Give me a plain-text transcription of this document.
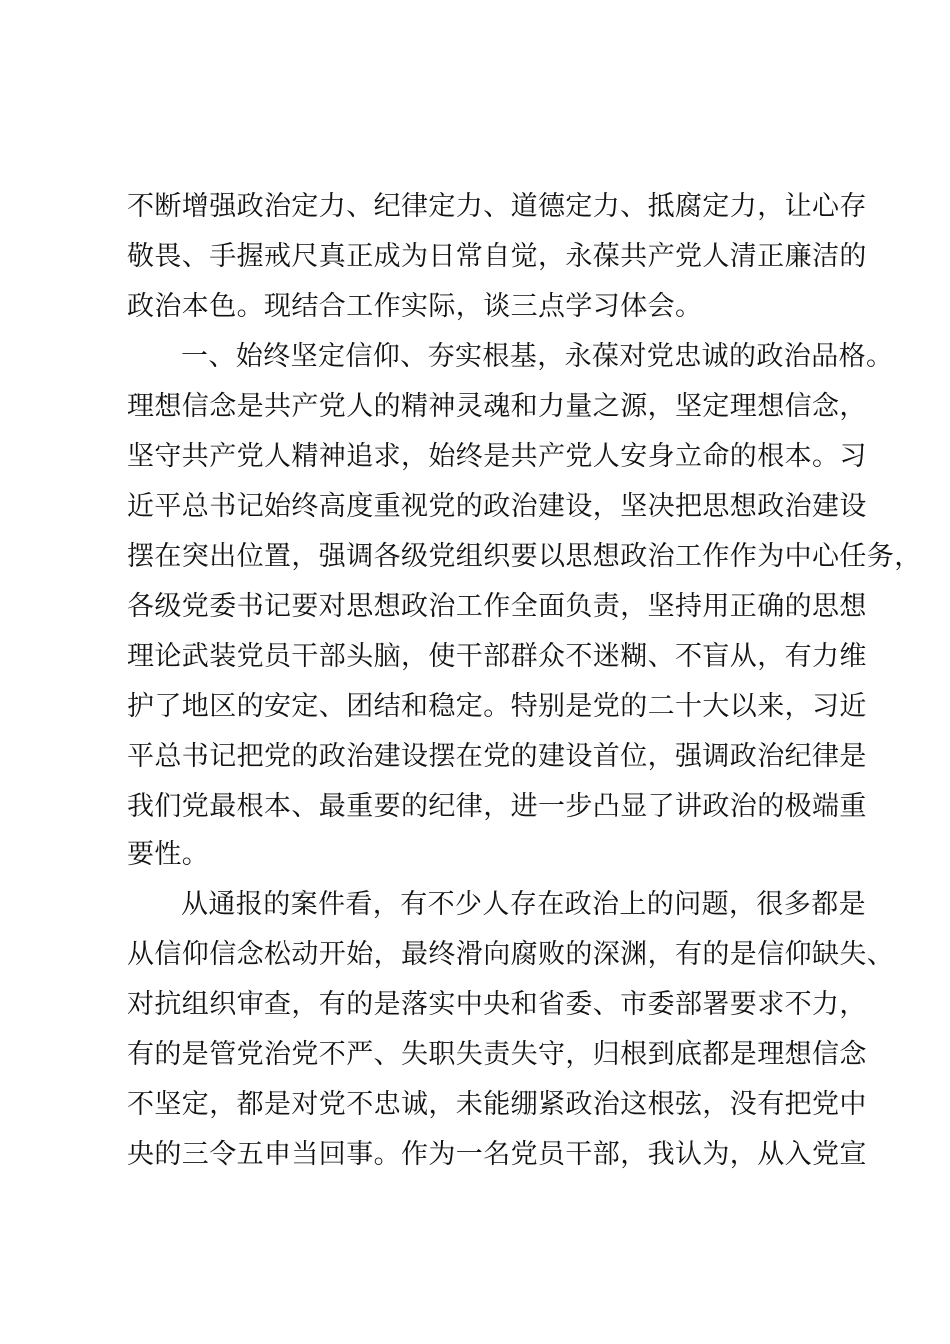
不断增强政治定力、纪律定力、道德定力、抵腐定力，让心存
敬畏、手握戒尺真正成为日常自觉，永葆共产党人清正廉洁的
政治本色。现结合工作实际，谈三点学习体会。
一、始终坚定信仰、夯实根基，永葆对党忠诚的政治品格。
理想信念是共产党人的精神灵魂和力量之源，坚定理想信念，
坚守共产党人精神追求，始终是共产党人安身立命的根本。习
近平总书记始终高度重视党的政治建设，坚决把思想政治建设
摆在突出位置，强调各级党组织要以思想政治工作作为中心任务，
各级党委书记要对思想政治工作全面负责，坚持用正确的思想
理论武装党员干部头脑，使干部群众不迷糊、不盲从，有力维
护了地区的安定、团结和稳定。特别是党的二十大以来，习近
平总书记把党的政治建设摆在党的建设首位，强调政治纪律是
我们党最根本、最重要的纪律，进一步凸显了讲政治的极端重
要性。
从通报的案件看，有不少人存在政治上的问题，很多都是
从信仰信念松动开始，最终滑向腐败的深渊，有的是信仰缺失、
对抗组织审查，有的是落实中央和省委、市委部署要求不力，
有的是管党治党不严、失职失责失守，归根到底都是理想信念
不坚定，都是对党不忠诚，未能绷紧政治这根弦，没有把党中
央的三令五申当回事。作为一名党员干部，我认为，从入党宣
